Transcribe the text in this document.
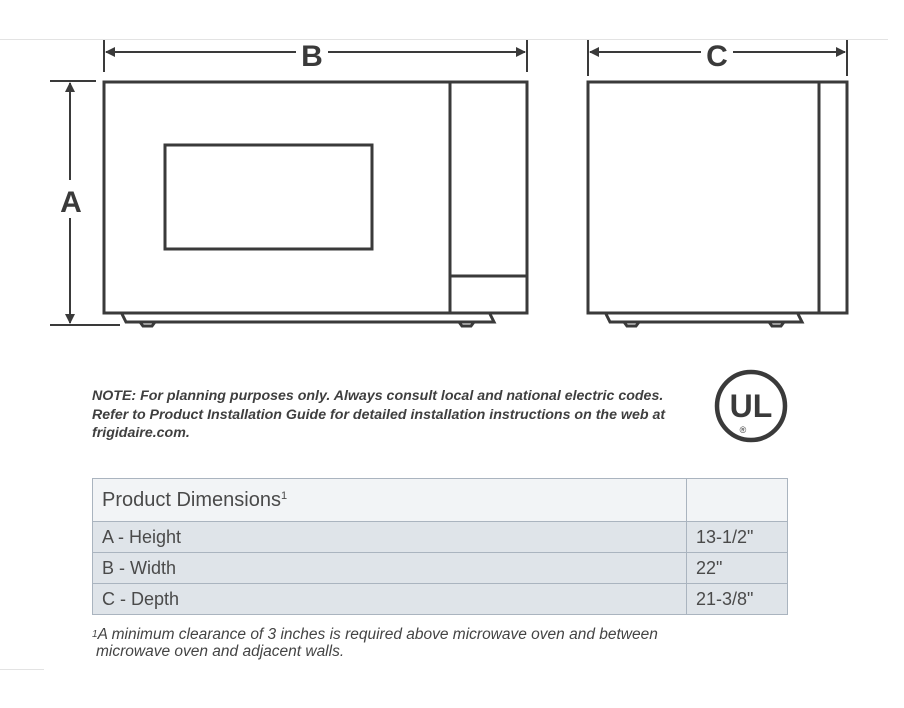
B	C
A

NOTE: For planning purposes only. Always consult local and national electric codes. Refer to Product Installation Guide for detailed installation instructions on the web at frigidaire.com.

UL
®
Product Dimensions$^1$	
A - Height	13-1/2"
B - Width	22"
C - Depth	21-3/8"

$^1$A minimum clearance of 3 inches is required above microwave oven and between
microwave oven and adjacent walls.
